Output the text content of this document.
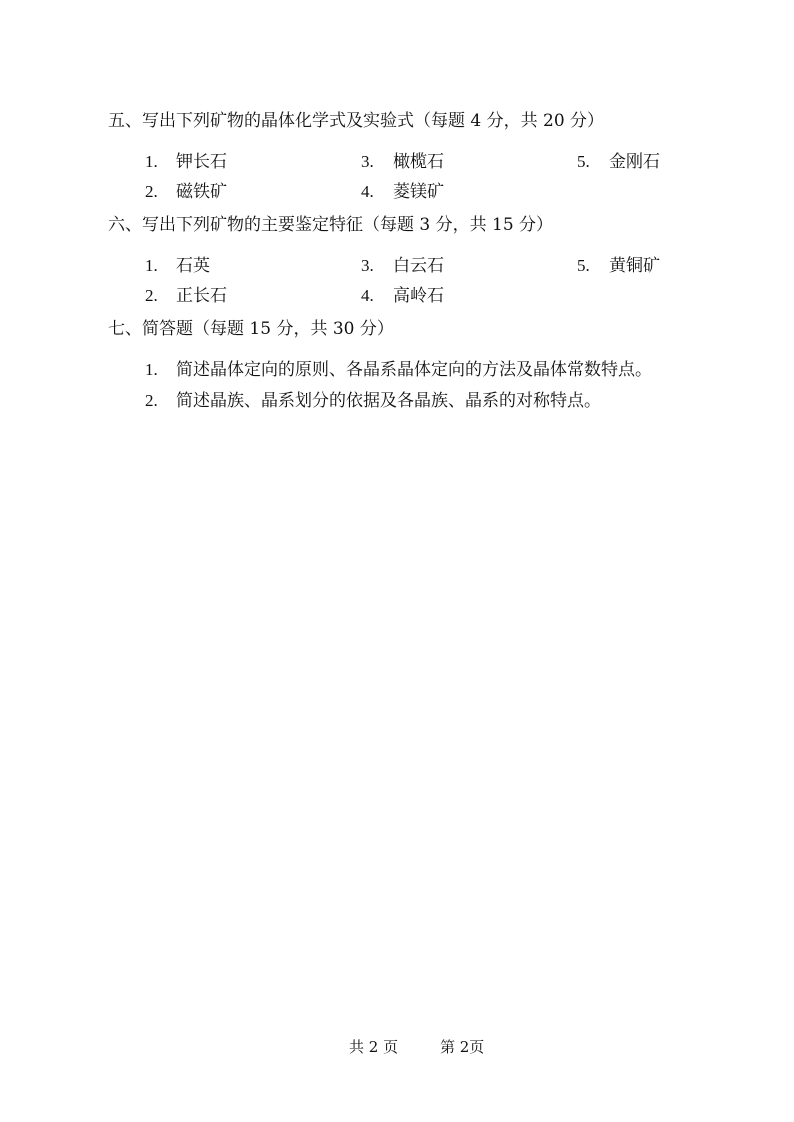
五、写出下列矿物的晶体化学式及实验式（每题 4 分，共 20 分）
1. 钾长石	3. 橄榄石	5. 金刚石
2. 磁铁矿	4. 菱镁矿
六、写出下列矿物的主要鉴定特征（每题 3 分，共 15 分）
1. 石英	3. 白云石	5. 黄铜矿
2. 正长石	4. 高岭石
七、简答题（每题 15 分，共 30 分）
1. 简述晶体定向的原则、各晶系晶体定向的方法及晶体常数特点。
2. 简述晶族、晶系划分的依据及各晶族、晶系的对称特点。
共 2 页	第 2页
